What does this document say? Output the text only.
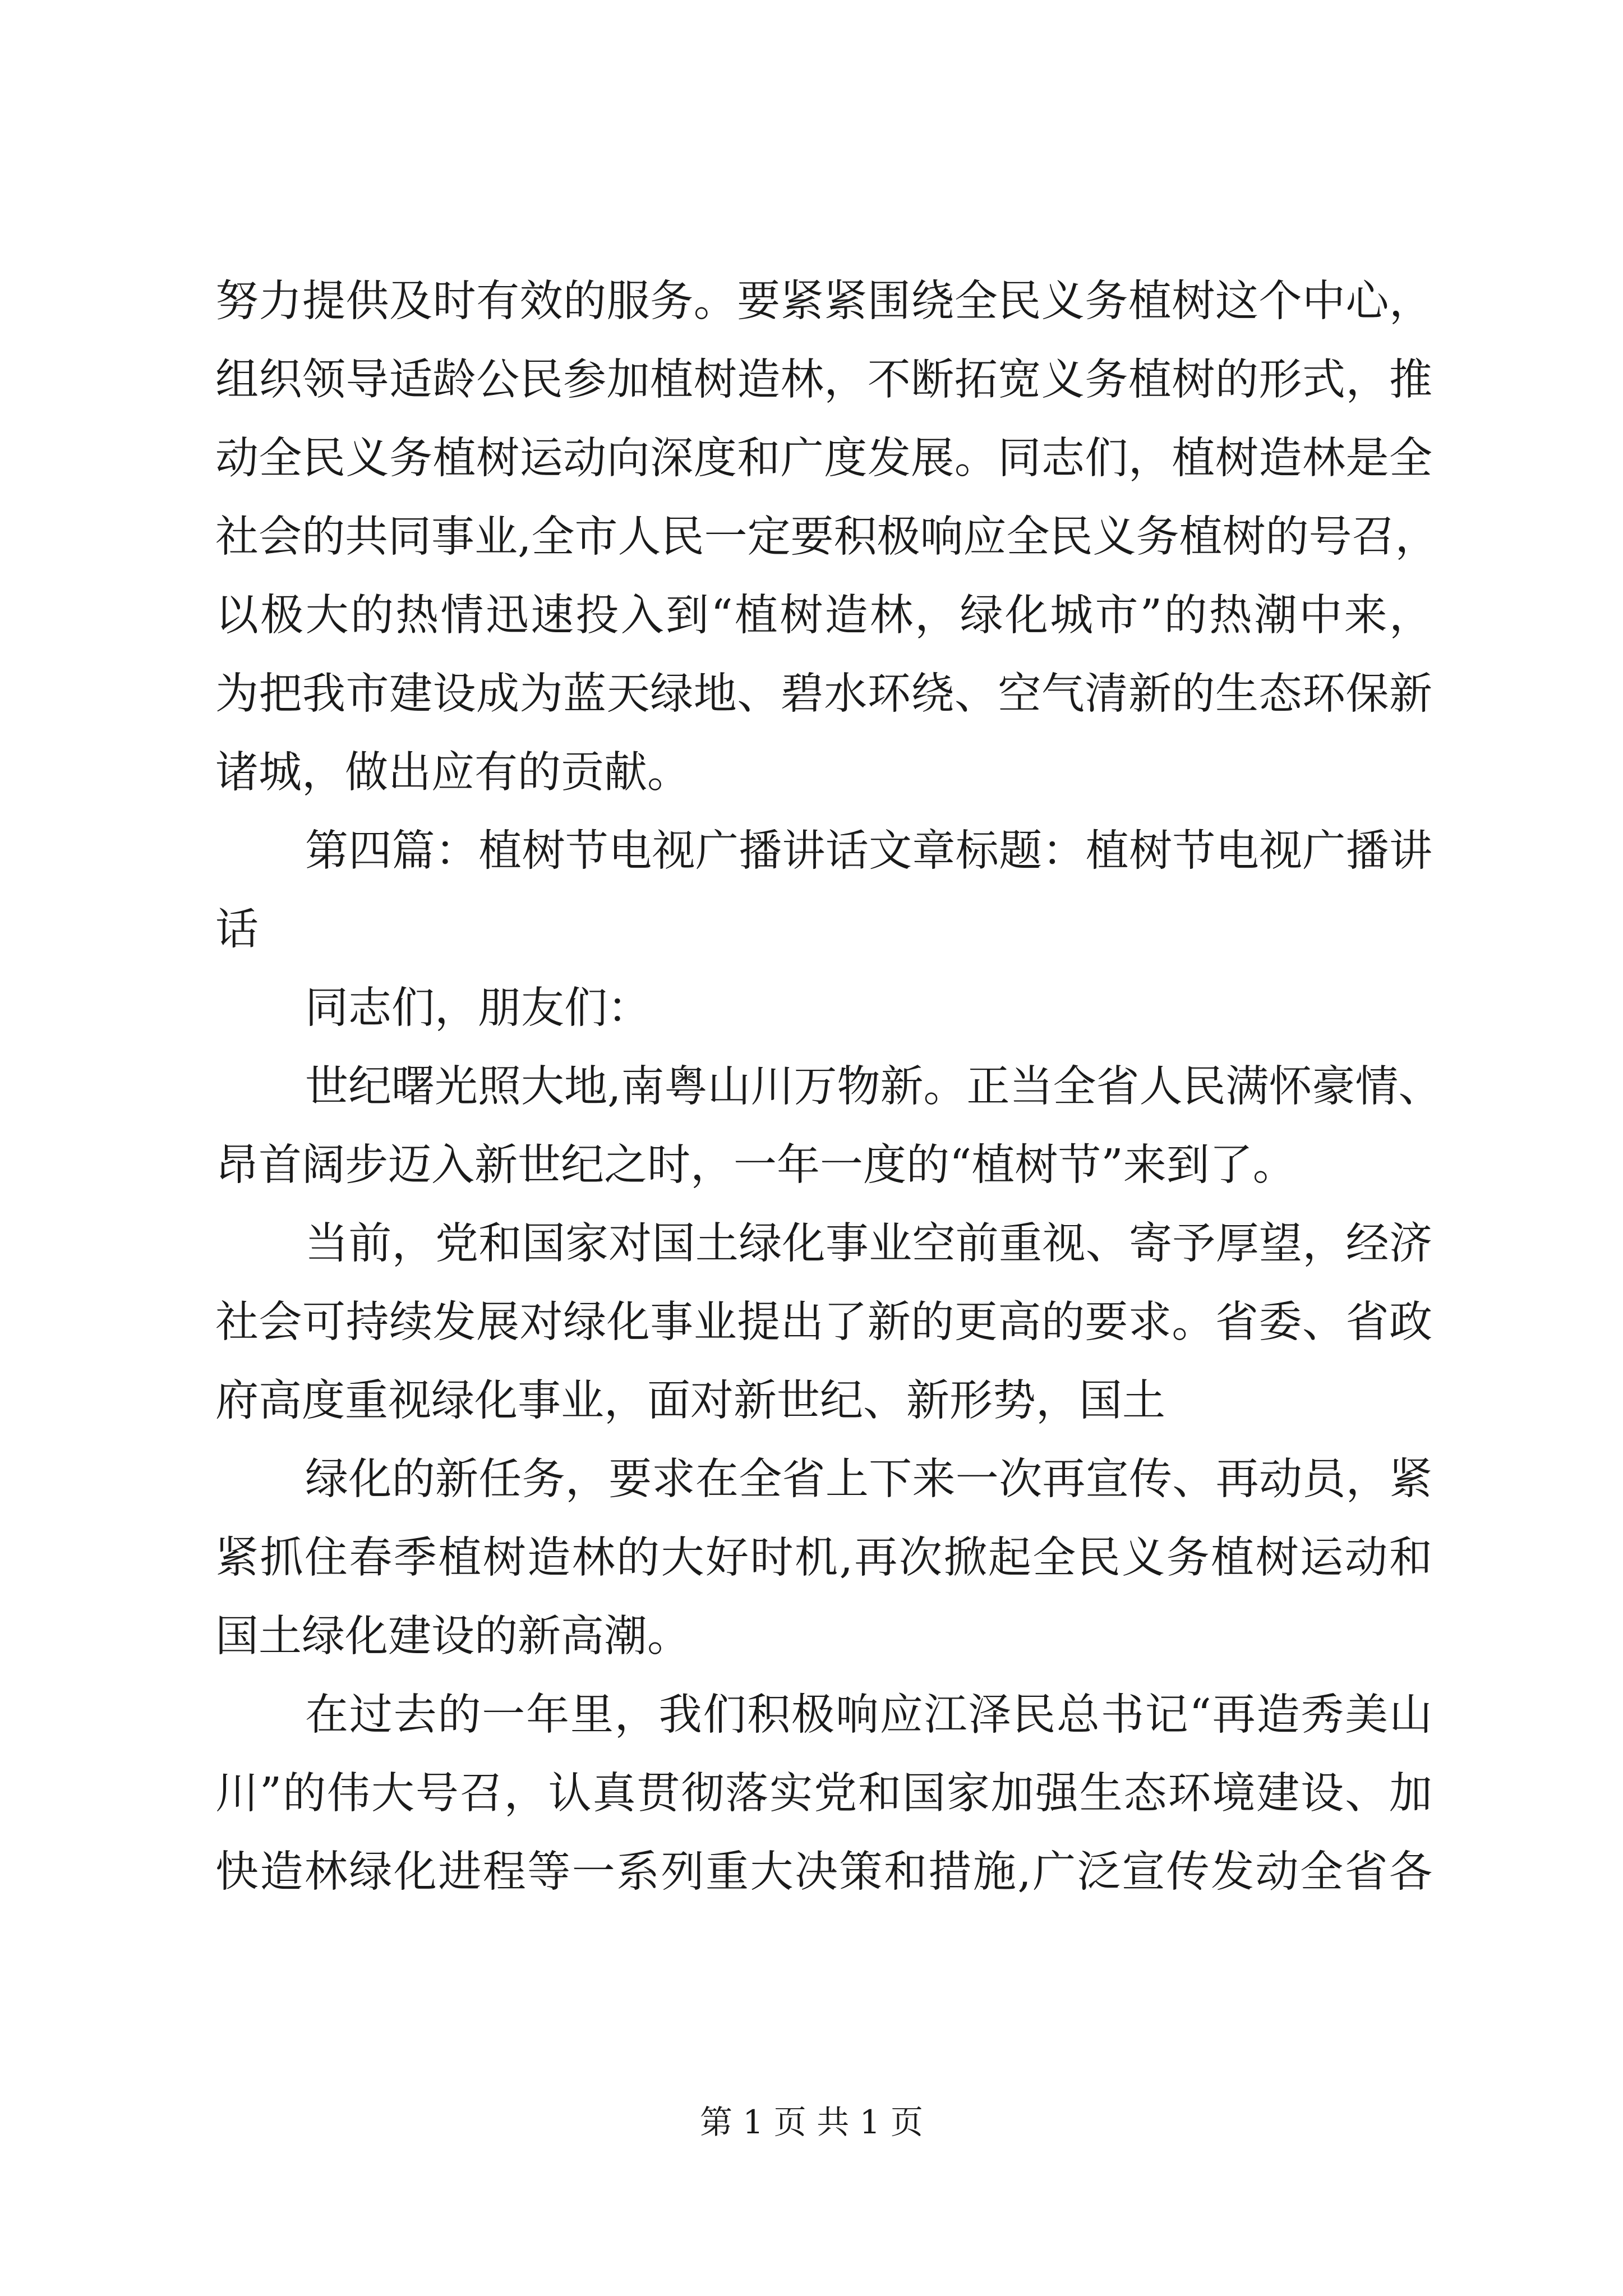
努力提供及时有效的服务。要紧紧围绕全民义务植树这个中心，
组织领导适龄公民参加植树造林，不断拓宽义务植树的形式，推
动全民义务植树运动向深度和广度发展。同志们，植树造林是全
社会的共同事业,全市人民一定要积极响应全民义务植树的号召，
以极大的热情迅速投入到“植树造林，绿化城市”的热潮中来，
为把我市建设成为蓝天绿地、碧水环绕、空气清新的生态环保新
诸城，做出应有的贡献。
第四篇：植树节电视广播讲话文章标题：植树节电视广播讲
话
同志们，朋友们：
世纪曙光照大地,南粤山川万物新。正当全省人民满怀豪情、
昂首阔步迈入新世纪之时，一年一度的“植树节”来到了。
当前，党和国家对国土绿化事业空前重视、寄予厚望，经济
社会可持续发展对绿化事业提出了新的更高的要求。省委、省政
府高度重视绿化事业，面对新世纪、新形势，国土
绿化的新任务，要求在全省上下来一次再宣传、再动员，紧
紧抓住春季植树造林的大好时机,再次掀起全民义务植树运动和
国土绿化建设的新高潮。
在过去的一年里，我们积极响应江泽民总书记“再造秀美山
川”的伟大号召，认真贯彻落实党和国家加强生态环境建设、加
快造林绿化进程等一系列重大决策和措施,广泛宣传发动全省各
第 1 页 共 1 页
